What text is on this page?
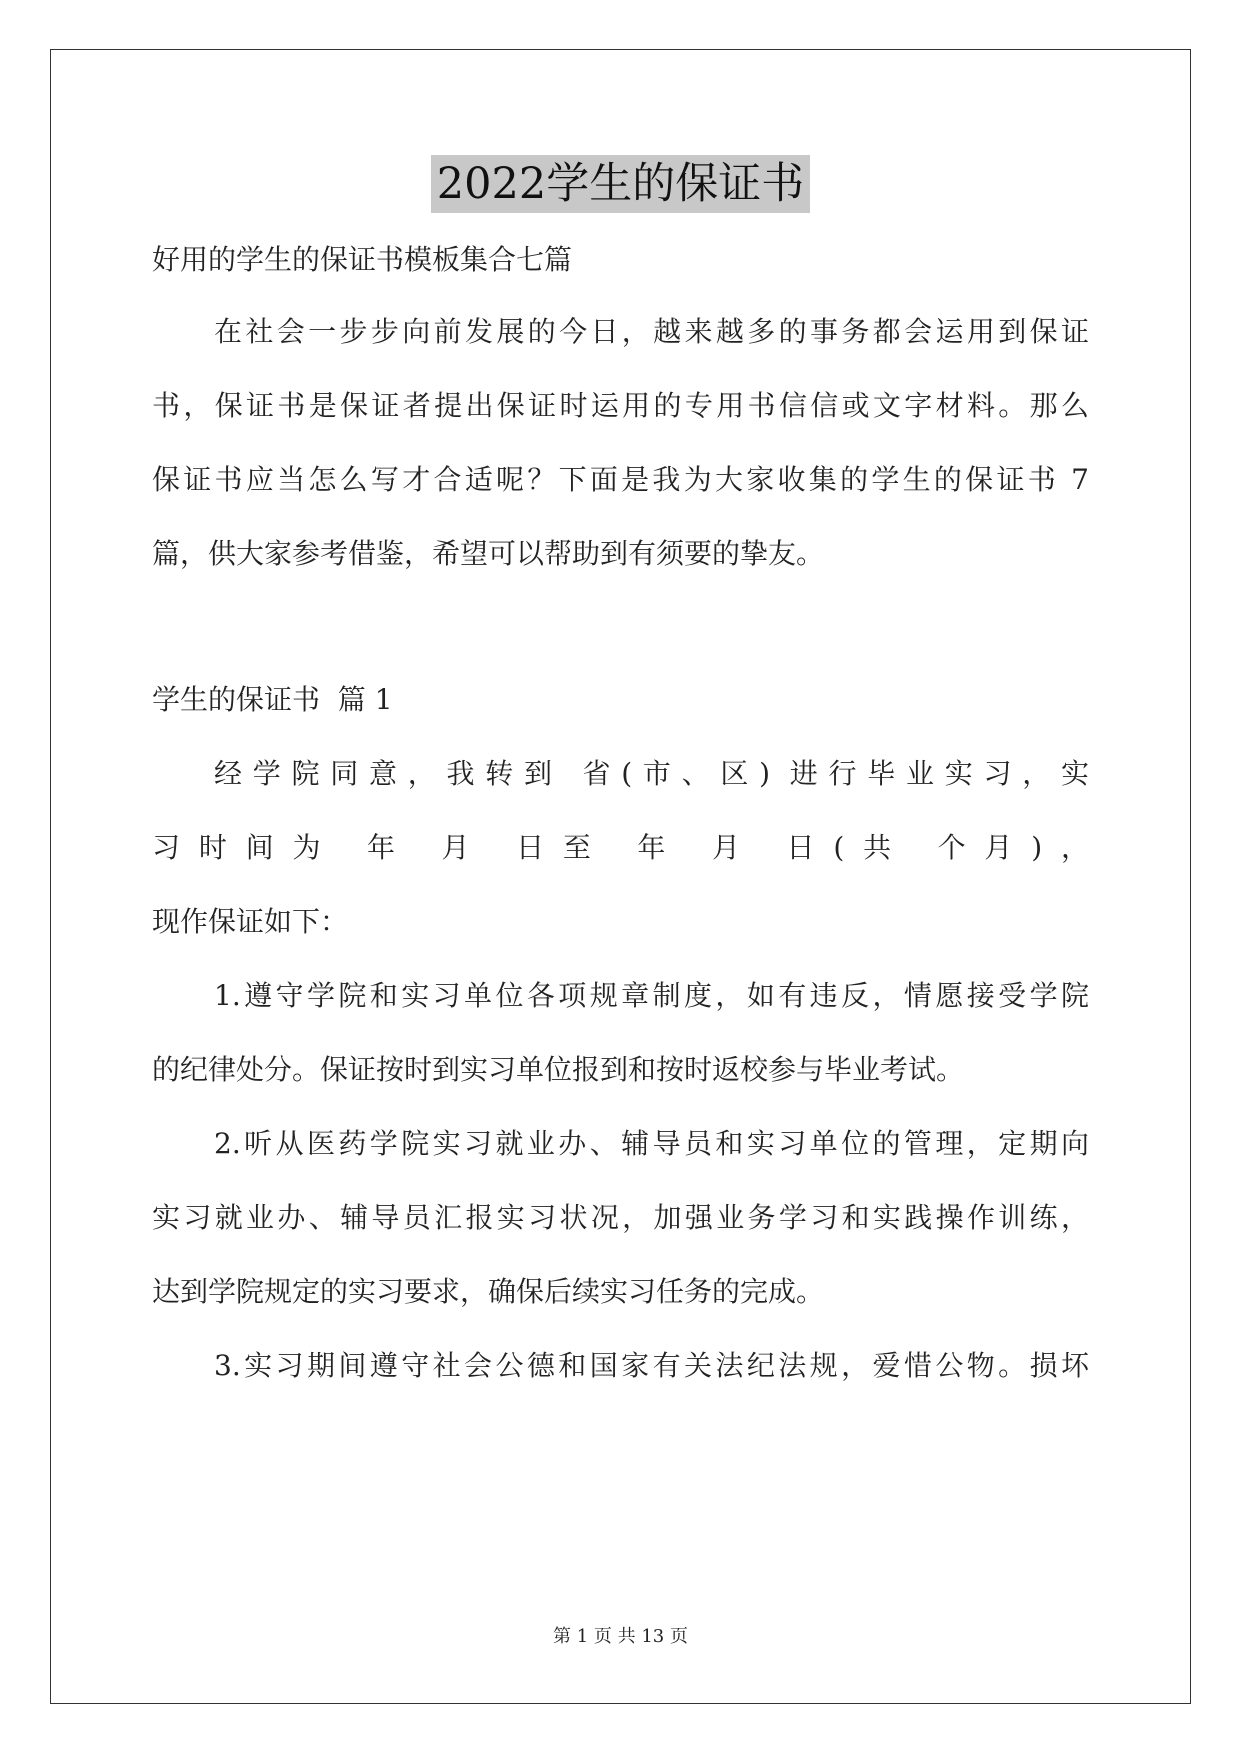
2022学生的保证书
好用的学生的保证书模板集合七篇
在社会一步步向前发展的今日，越来越多的事务都会运用到保证
书，保证书是保证者提出保证时运用的专用书信信或文字材料。那么
保证书应当怎么写才合适呢？下面是我为大家收集的学生的保证书 7
篇，供大家参考借鉴，希望可以帮助到有须要的挚友。
学生的保证书  篇 1
经学院同意，我转到 省(市、区) 进行毕业实习，实
习时间为 年 月 日至 年 月 日(共 个月)，
现作保证如下：
1.遵守学院和实习单位各项规章制度，如有违反，情愿接受学院
的纪律处分。保证按时到实习单位报到和按时返校参与毕业考试。
2.听从医药学院实习就业办、辅导员和实习单位的管理，定期向
实习就业办、辅导员汇报实习状况，加强业务学习和实践操作训练，
达到学院规定的实习要求，确保后续实习任务的完成。
3.实习期间遵守社会公德和国家有关法纪法规，爱惜公物。损坏
第 1 页 共 13 页
